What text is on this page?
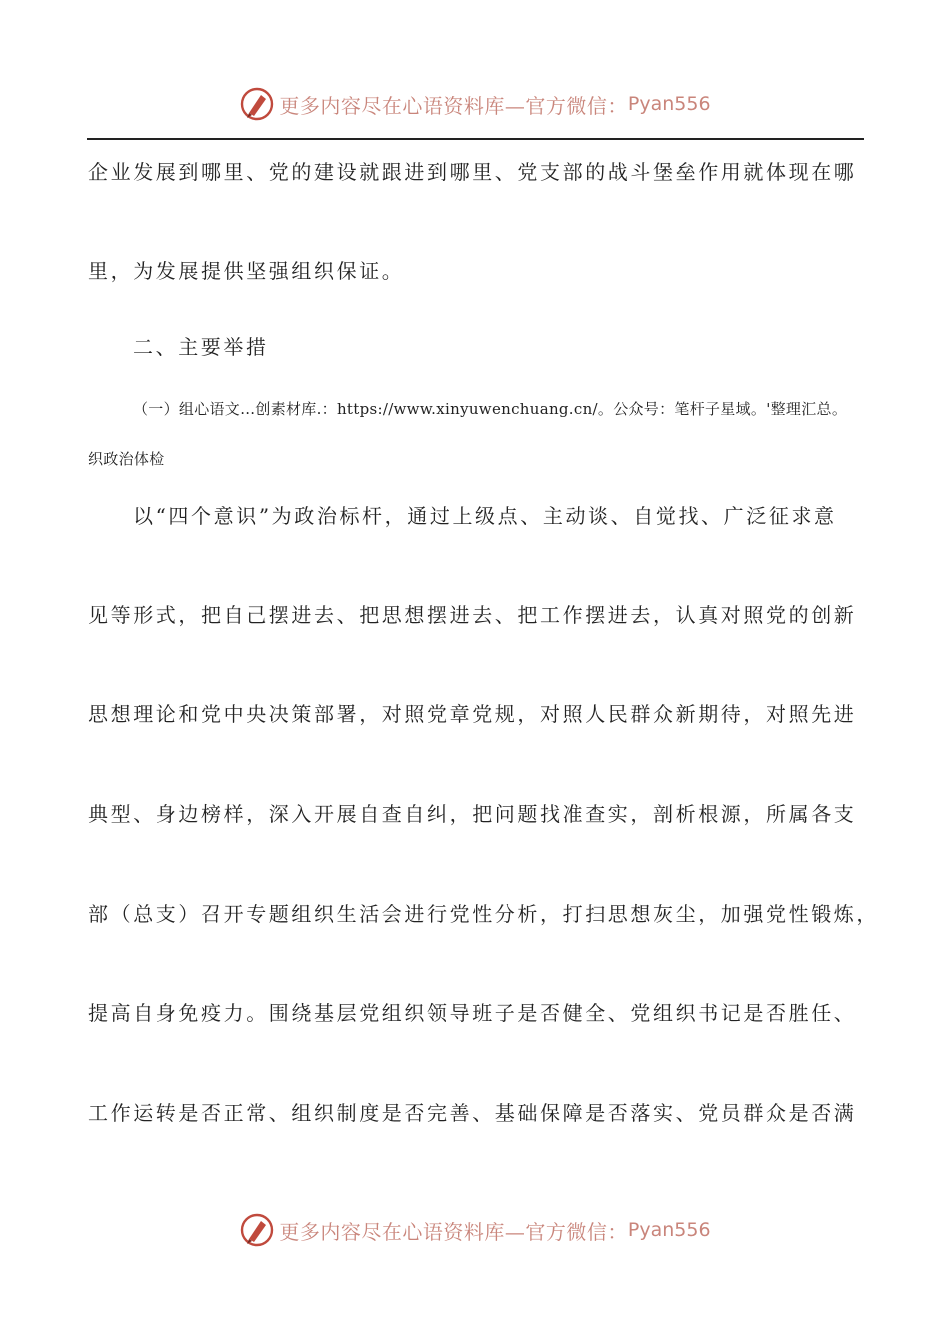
更多内容尽在心语资料库—官方微信： Pyan556
企业发展到哪里、党的建设就跟进到哪里、党支部的战斗堡垒作用就体现在哪
里，为发展提供坚强组织保证。
二、主要举措
（一）组心语文…创素材库.：https://www.xinyuwenchuang.cn/。公众号：笔杆子星域。'整理汇总。
织政治体检
以“四个意识”为政治标杆，通过上级点、主动谈、自觉找、广泛征求意
见等形式，把自己摆进去、把思想摆进去、把工作摆进去，认真对照党的创新
思想理论和党中央决策部署，对照党章党规，对照人民群众新期待，对照先进
典型、身边榜样，深入开展自查自纠，把问题找准查实，剖析根源，所属各支
部（总支）召开专题组织生活会进行党性分析，打扫思想灰尘，加强党性锻炼，
提高自身免疫力。围绕基层党组织领导班子是否健全、党组织书记是否胜任、
工作运转是否正常、组织制度是否完善、基础保障是否落实、党员群众是否满
更多内容尽在心语资料库—官方微信： Pyan556
